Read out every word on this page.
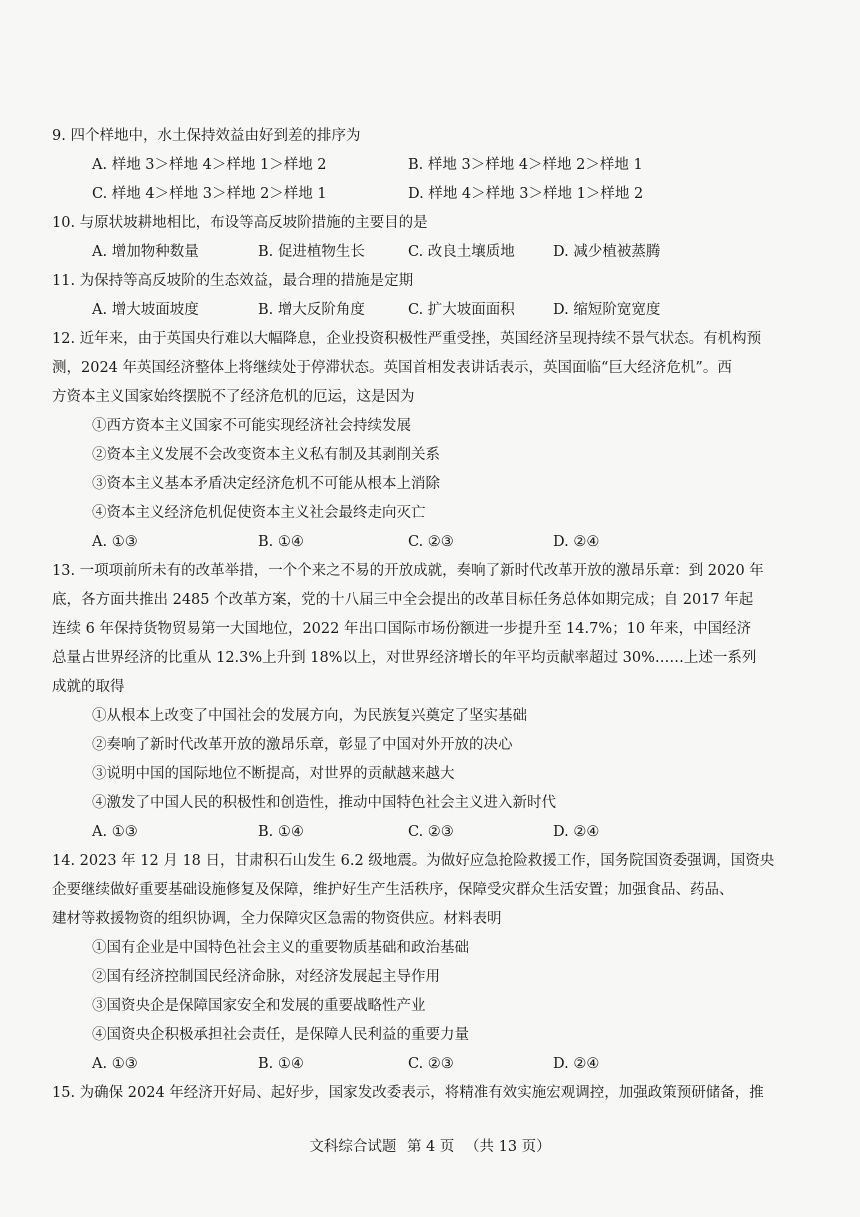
9. 四个样地中，水土保持效益由好到差的排序为
A. 样地 3＞样地 4＞样地 1＞样地 2	B. 样地 3＞样地 4＞样地 2＞样地 1
C. 样地 4＞样地 3＞样地 2＞样地 1	D. 样地 4＞样地 3＞样地 1＞样地 2
10. 与原状坡耕地相比，布设等高反坡阶措施的主要目的是
A. 增加物种数量	B. 促进植物生长	C. 改良土壤质地	D. 减少植被蒸腾
11. 为保持等高反坡阶的生态效益，最合理的措施是定期
A. 增大坡面坡度	B. 增大反阶角度	C. 扩大坡面面积	D. 缩短阶宽宽度
12. 近年来，由于英国央行难以大幅降息，企业投资积极性严重受挫，英国经济呈现持续不景气状态。有机构预
测，2024 年英国经济整体上将继续处于停滞状态。英国首相发表讲话表示，英国面临“巨大经济危机”。西
方资本主义国家始终摆脱不了经济危机的厄运，这是因为
①西方资本主义国家不可能实现经济社会持续发展
②资本主义发展不会改变资本主义私有制及其剥削关系
③资本主义基本矛盾决定经济危机不可能从根本上消除
④资本主义经济危机促使资本主义社会最终走向灭亡
A. ①③	B. ①④	C. ②③	D. ②④
13. 一项项前所未有的改革举措，一个个来之不易的开放成就，奏响了新时代改革开放的激昂乐章：到 2020 年
底，各方面共推出 2485 个改革方案，党的十八届三中全会提出的改革目标任务总体如期完成；自 2017 年起
连续 6 年保持货物贸易第一大国地位，2022 年出口国际市场份额进一步提升至 14.7%；10 年来，中国经济
总量占世界经济的比重从 12.3%上升到 18%以上，对世界经济增长的年平均贡献率超过 30%……上述一系列
成就的取得
①从根本上改变了中国社会的发展方向，为民族复兴奠定了坚实基础
②奏响了新时代改革开放的激昂乐章，彰显了中国对外开放的决心
③说明中国的国际地位不断提高，对世界的贡献越来越大
④激发了中国人民的积极性和创造性，推动中国特色社会主义进入新时代
A. ①③	B. ①④	C. ②③	D. ②④
14. 2023 年 12 月 18 日，甘肃积石山发生 6.2 级地震。为做好应急抢险救援工作，国务院国资委强调，国资央
企要继续做好重要基础设施修复及保障，维护好生产生活秩序，保障受灾群众生活安置；加强食品、药品、
建材等救援物资的组织协调，全力保障灾区急需的物资供应。材料表明
①国有企业是中国特色社会主义的重要物质基础和政治基础
②国有经济控制国民经济命脉，对经济发展起主导作用
③国资央企是保障国家安全和发展的重要战略性产业
④国资央企积极承担社会责任，是保障人民利益的重要力量
A. ①③	B. ①④	C. ②③	D. ②④
15. 为确保 2024 年经济开好局、起好步，国家发改委表示，将精准有效实施宏观调控，加强政策预研储备，推
文科综合试题 第 4 页 （共 13 页）
